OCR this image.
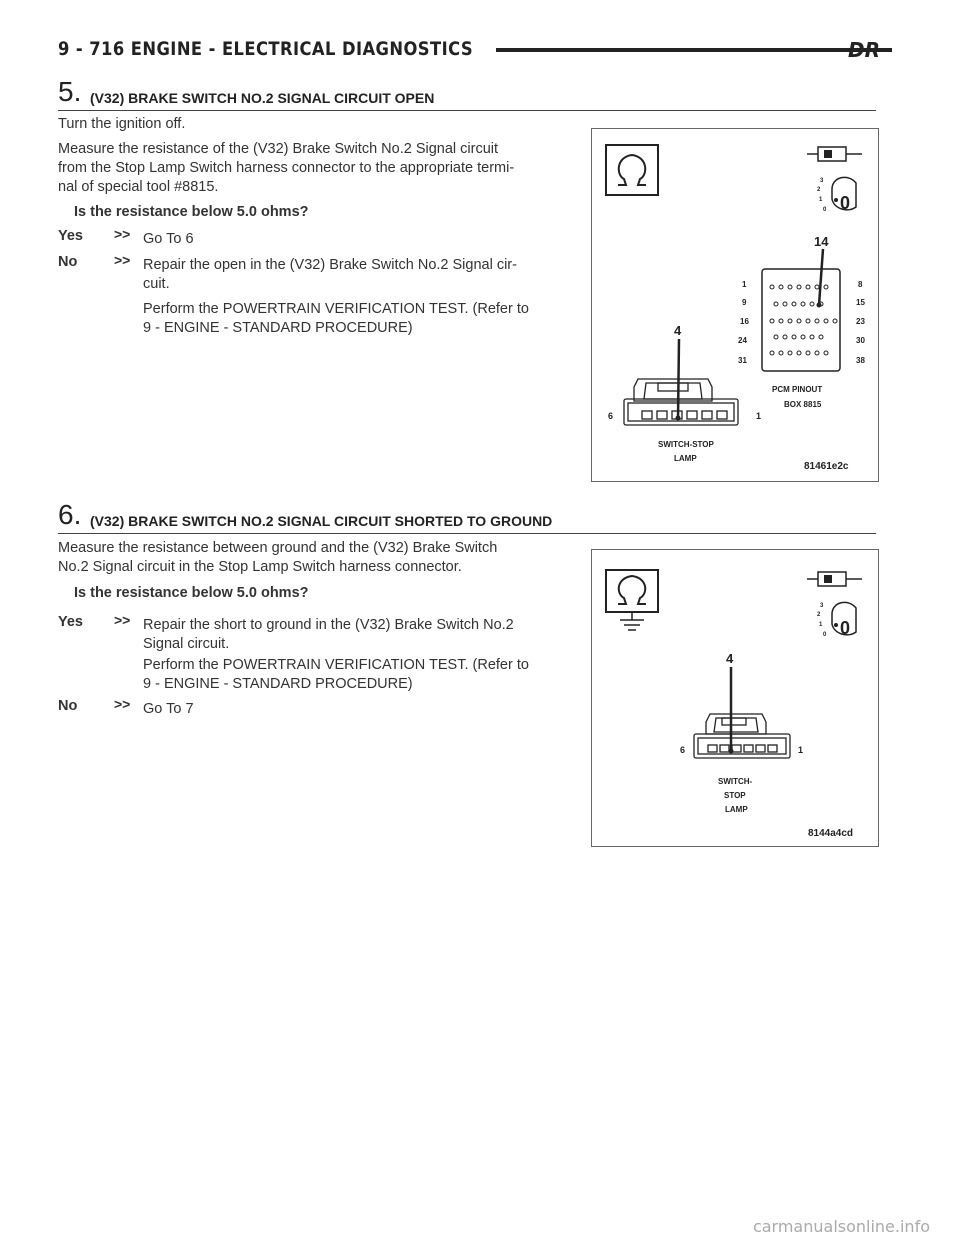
9 - 716 ENGINE - ELECTRICAL DIAGNOSTICS	DR
5. (V32) BRAKE SWITCH NO.2 SIGNAL CIRCUIT OPEN
Turn the ignition off.
Measure the resistance of the (V32) Brake Switch No.2 Signal circuit
from the Stop Lamp Switch harness connector to the appropriate termi-
nal of special tool #8815.
Is the resistance below 5.0 ohms?
Yes >> Go To 6
No	>> Repair the open in the (V32) Brake Switch No.2 Signal cir-
cuit.
Perform the POWERTRAIN VERIFICATION TEST. (Refer to
9 - ENGINE - STANDARD PROCEDURE)
3
2
1
0 0
14
1
9
16
24
31
8
15
23
30
38
PCM PINOUT
BOX 8815
4
6	1
SWITCH-STOP
LAMP
81461e2c
6. (V32) BRAKE SWITCH NO.2 SIGNAL CIRCUIT SHORTED TO GROUND
Measure the resistance between ground and the (V32) Brake Switch
No.2 Signal circuit in the Stop Lamp Switch harness connector.
Is the resistance below 5.0 ohms?
Yes >> Repair the short to ground in the (V32) Brake Switch No.2
Signal circuit.
Perform the POWERTRAIN VERIFICATION TEST. (Refer to
9 - ENGINE - STANDARD PROCEDURE)
No	>> Go To 7
3
2
1
0 0
4
6	1
SWITCH-
STOP
LAMP
8144a4cd
carmanualsonline.info
